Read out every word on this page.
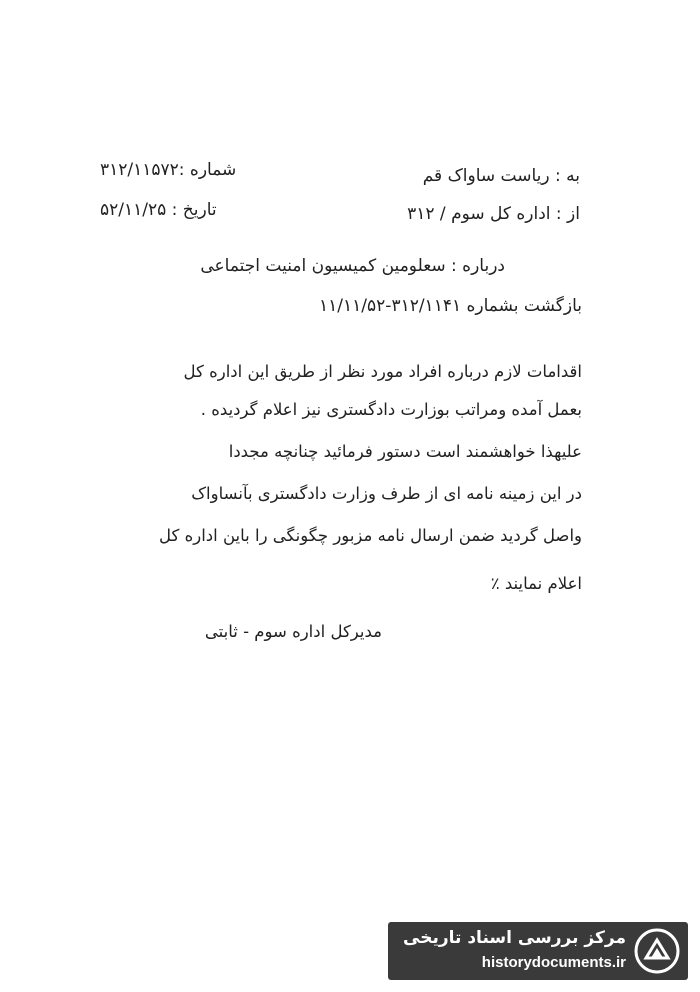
به : ریاست ساواک قم
شماره :۳۱۲/۱۱۵۷۲
از : اداره کل سوم / ۳۱۲
تاریخ : ۵۲/۱۱/۲۵
درباره : سعلومین کمیسیون امنیت اجتماعی
بازگشت بشماره ۳۱۲/۱۱۴۱-۱۱/۱۱/۵۲
اقدامات لازم درباره افراد مورد نظر از طریق این اداره کل
بعمل آمده ومراتب بوزارت دادگستری نیز اعلام گردیده .
علیهذا خواهشمند است دستور فرمائید چنانچه مجددا
در این زمینه نامه ای از طرف وزارت دادگستری بآنساواک
واصل گردید ضمن ارسال نامه مزبور چگونگی را باین اداره کل
اعلام نمایند ٪
مدیرکل اداره سوم - ثابتی
مرکز بررسی اسناد تاریخی
historydocuments.ir
